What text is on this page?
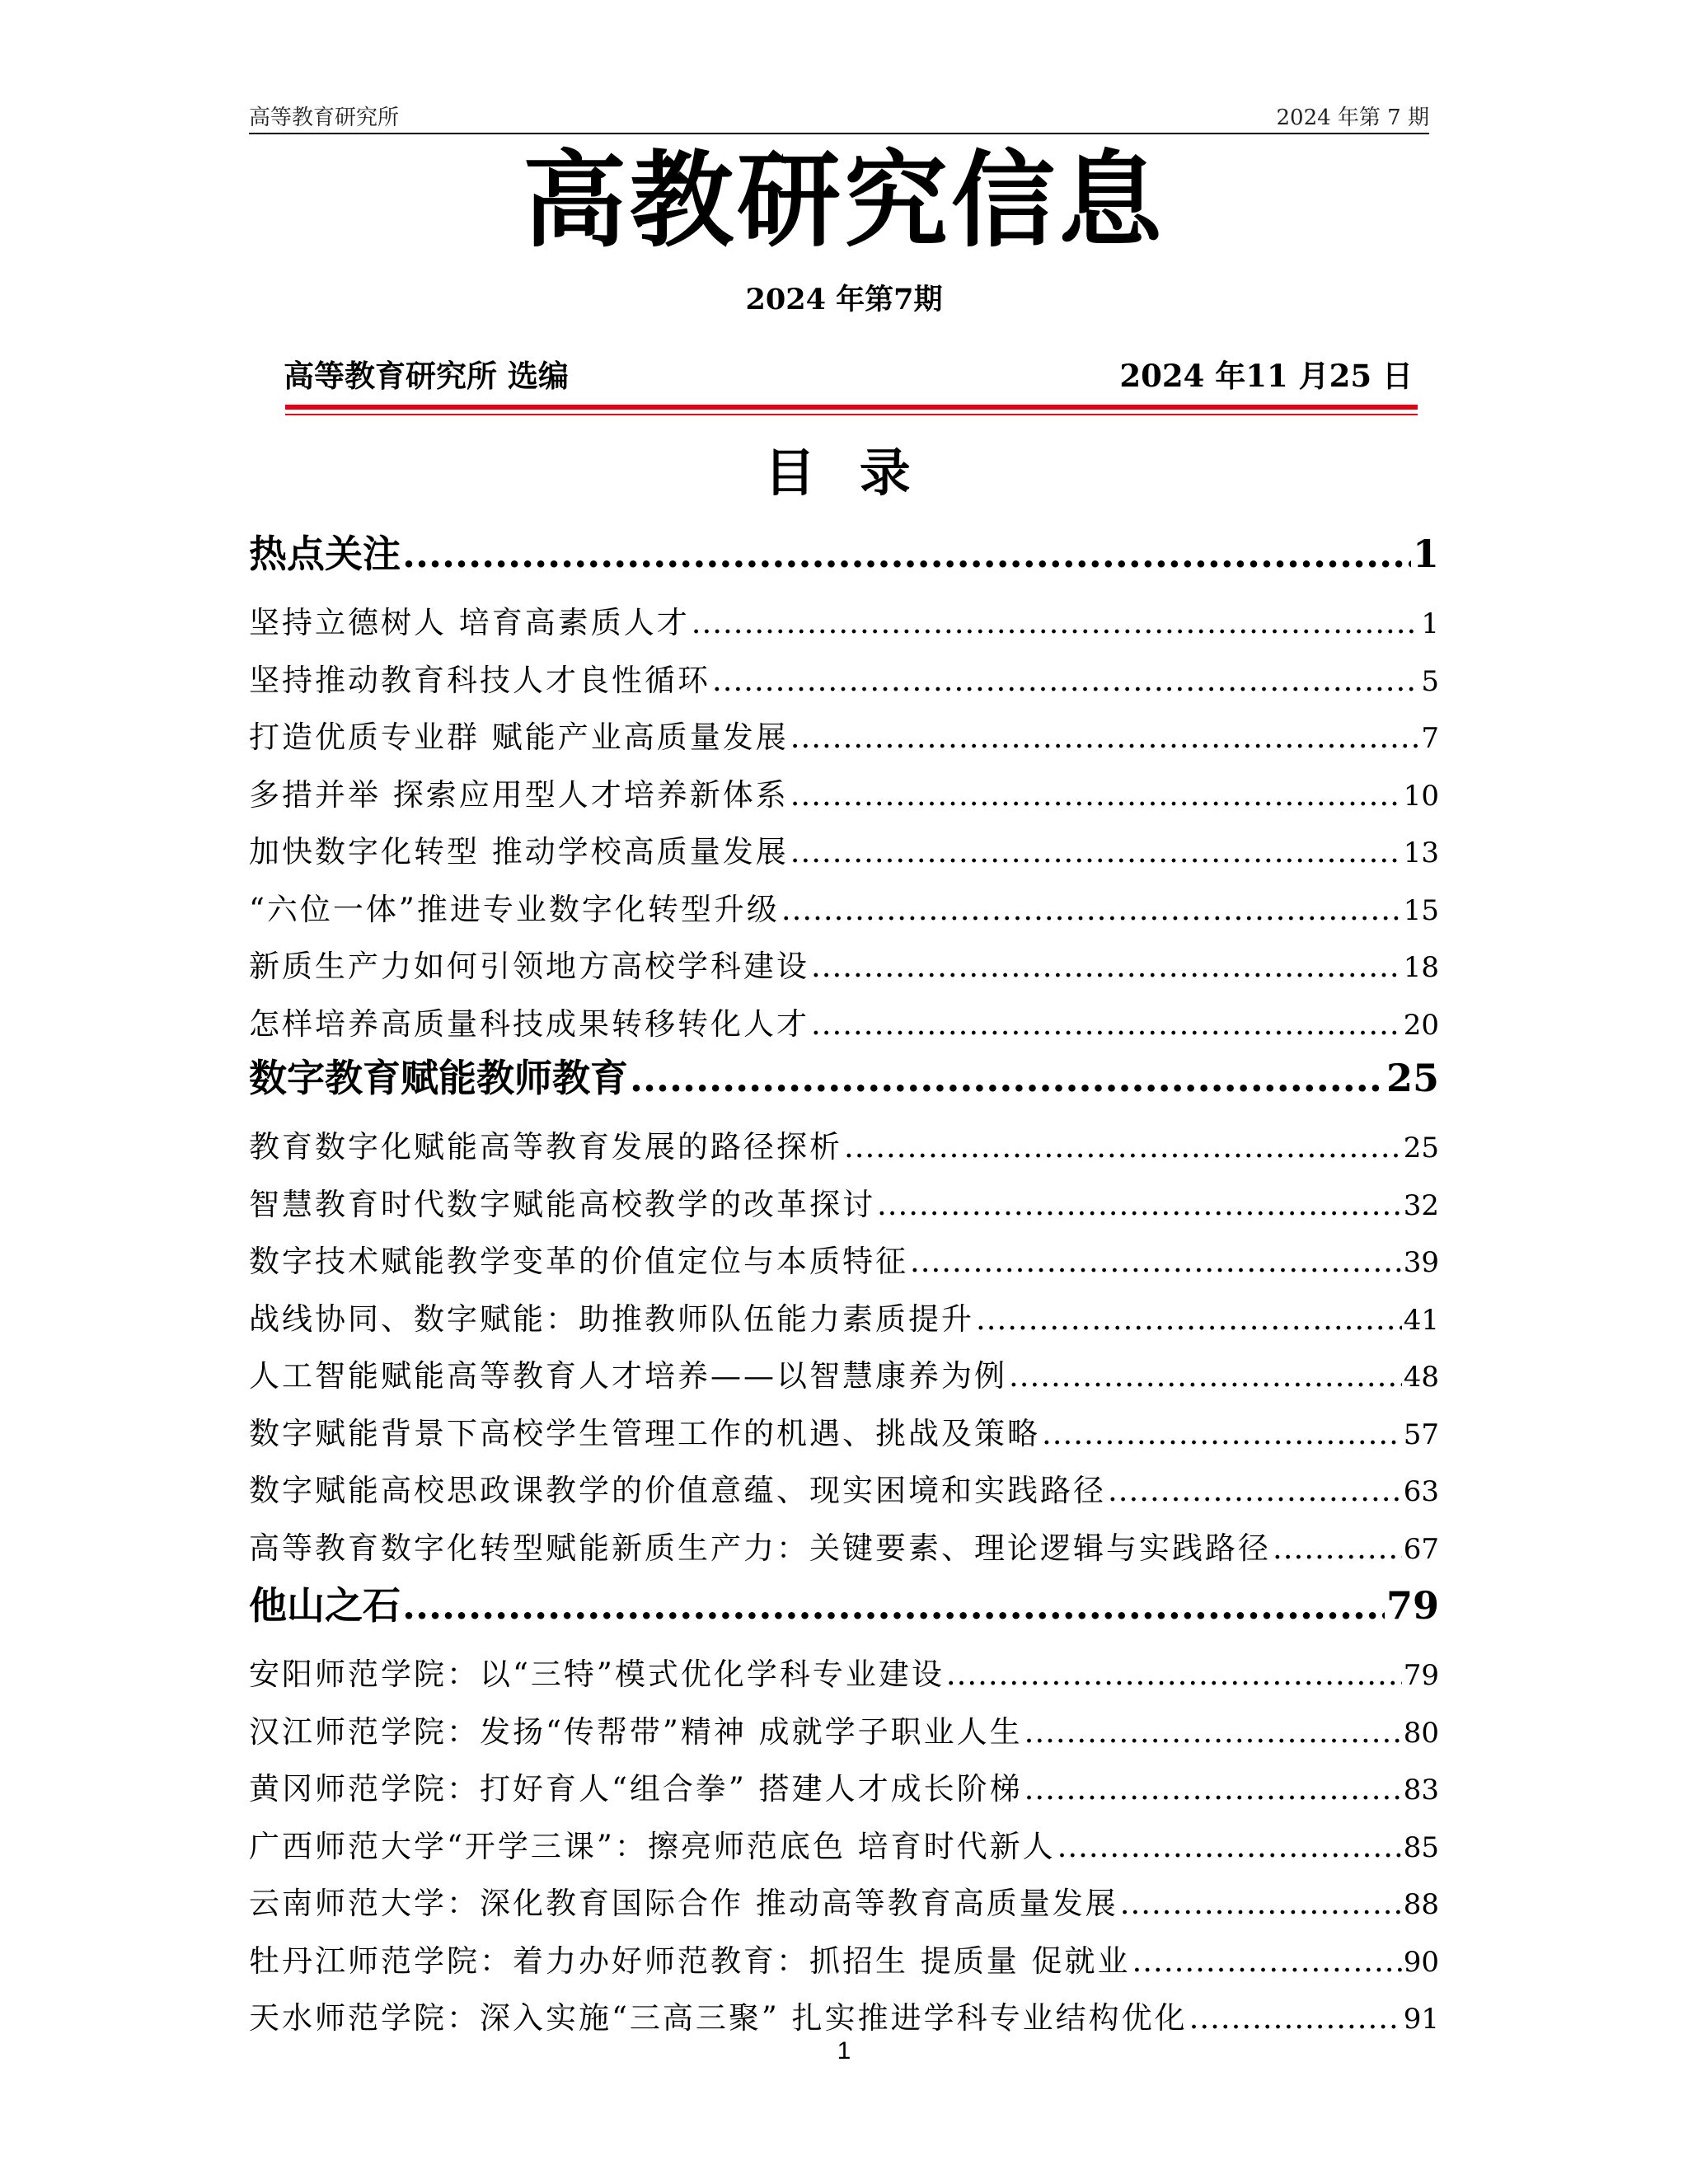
高等教育研究所	2024 年第 7 期
高教研究信息
2024 年第7期
高等教育研究所 选编	2024 年11 月25 日
目 录
热点关注 .....	1
坚持立德树人 培育高素质人才 .....	1
坚持推动教育科技人才良性循环 .....	5
打造优质专业群 赋能产业高质量发展 .....	7
多措并举 探索应用型人才培养新体系 .....	10
加快数字化转型 推动学校高质量发展 .....	13
“六位一体”推进专业数字化转型升级 .....	15
新质生产力如何引领地方高校学科建设 .....	18
怎样培养高质量科技成果转移转化人才 .....	20
数字教育赋能教师教育 .....	25
教育数字化赋能高等教育发展的路径探析 .....	25
智慧教育时代数字赋能高校教学的改革探讨 .....	32
数字技术赋能教学变革的价值定位与本质特征 .....	39
战线协同、数字赋能：助推教师队伍能力素质提升 .....	41
人工智能赋能高等教育人才培养——以智慧康养为例 .....	48
数字赋能背景下高校学生管理工作的机遇、挑战及策略 .....	57
数字赋能高校思政课教学的价值意蕴、现实困境和实践路径 .....	63
高等教育数字化转型赋能新质生产力：关键要素、理论逻辑与实践路径 .....	67
他山之石 .....	79
安阳师范学院：以“三特”模式优化学科专业建设 .....	79
汉江师范学院：发扬“传帮带”精神 成就学子职业人生 .....	80
黄冈师范学院：打好育人“组合拳” 搭建人才成长阶梯 .....	83
广西师范大学“开学三课”：擦亮师范底色 培育时代新人 .....	85
云南师范大学：深化教育国际合作 推动高等教育高质量发展 .....	88
牡丹江师范学院：着力办好师范教育：抓招生 提质量 促就业 .....	90
天水师范学院：深入实施“三高三聚” 扎实推进学科专业结构优化 .....	91
1
